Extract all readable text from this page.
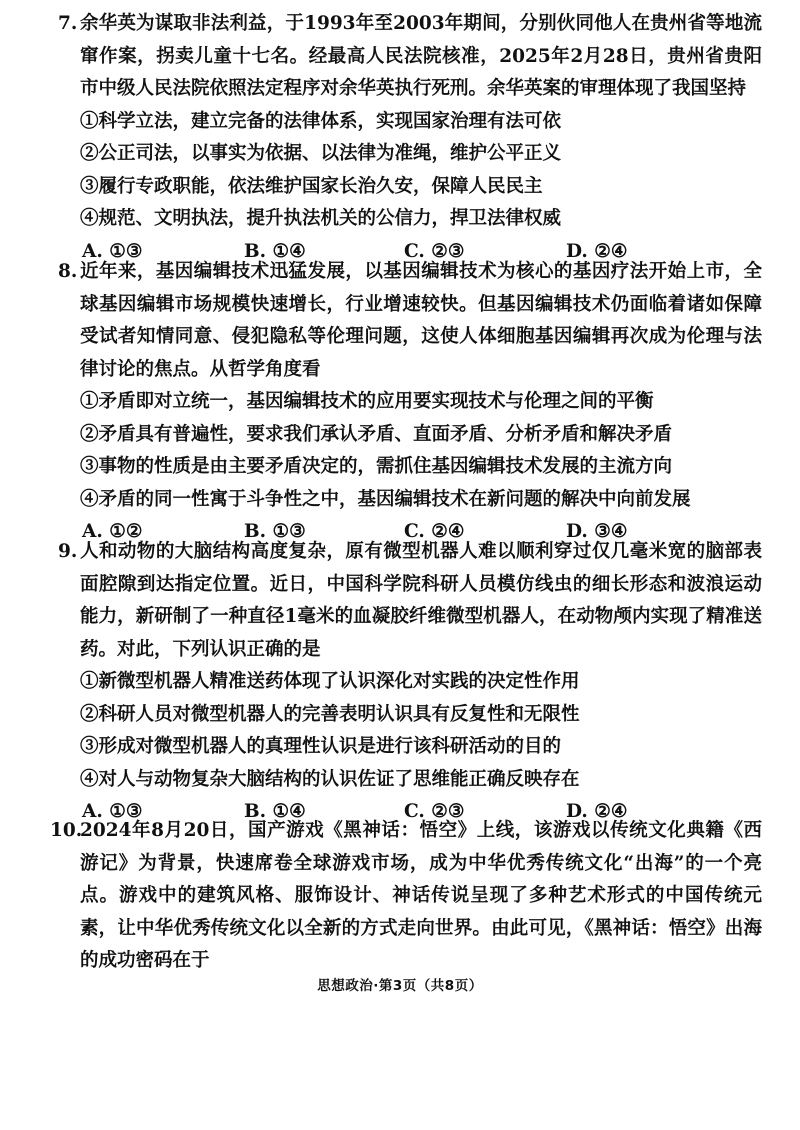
7. 余华英为谋取非法利益，于1993年至2003年期间，分别伙同他人在贵州省等地流窜作案，拐卖儿童十七名。经最高人民法院核准，2025年2月28日，贵州省贵阳市中级人民法院依照法定程序对余华英执行死刑。余华英案的审理体现了我国坚持

①科学立法，建立完备的法律体系，实现国家治理有法可依

②公正司法，以事实为依据、以法律为准绳，维护公平正义

③履行专政职能，依法维护国家长治久安，保障人民民主

④规范、文明执法，提升执法机关的公信力，捍卫法律权威

A. ①③	B. ①④	C. ②③	D. ②④
8. 近年来，基因编辑技术迅猛发展，以基因编辑技术为核心的基因疗法开始上市，全球基因编辑市场规模快速增长，行业增速较快。但基因编辑技术仍面临着诸如保障受试者知情同意、侵犯隐私等伦理问题，这使人体细胞基因编辑再次成为伦理与法律讨论的焦点。从哲学角度看

①矛盾即对立统一，基因编辑技术的应用要实现技术与伦理之间的平衡

②矛盾具有普遍性，要求我们承认矛盾、直面矛盾、分析矛盾和解决矛盾

③事物的性质是由主要矛盾决定的，需抓住基因编辑技术发展的主流方向

④矛盾的同一性寓于斗争性之中，基因编辑技术在新问题的解决中向前发展

A. ①②	B. ①③	C. ②④	D. ③④
9. 人和动物的大脑结构高度复杂，原有微型机器人难以顺利穿过仅几毫米宽的脑部表面腔隙到达指定位置。近日，中国科学院科研人员模仿线虫的细长形态和波浪运动能力，新研制了一种直径1毫米的血凝胶纤维微型机器人，在动物颅内实现了精准送药。对此，下列认识正确的是

①新微型机器人精准送药体现了认识深化对实践的决定性作用

②科研人员对微型机器人的完善表明认识具有反复性和无限性

③形成对微型机器人的真理性认识是进行该科研活动的目的

④对人与动物复杂大脑结构的认识佐证了思维能正确反映存在

A. ①③	B. ①④	C. ②③	D. ②④
10.
2024年8月20日，国产游戏《黑神话：悟空》上线，该游戏以传统文化典籍《西游记》为背景，快速席卷全球游戏市场，成为中华优秀传统文化“出海”的一个亮点。游戏中的建筑风格、服饰设计、神话传说呈现了多种艺术形式的中国传统元素，让中华优秀传统文化以全新的方式走向世界。由此可见，《黑神话：悟空》出海的成功密码在于
思想政治·第3页（共8页）
